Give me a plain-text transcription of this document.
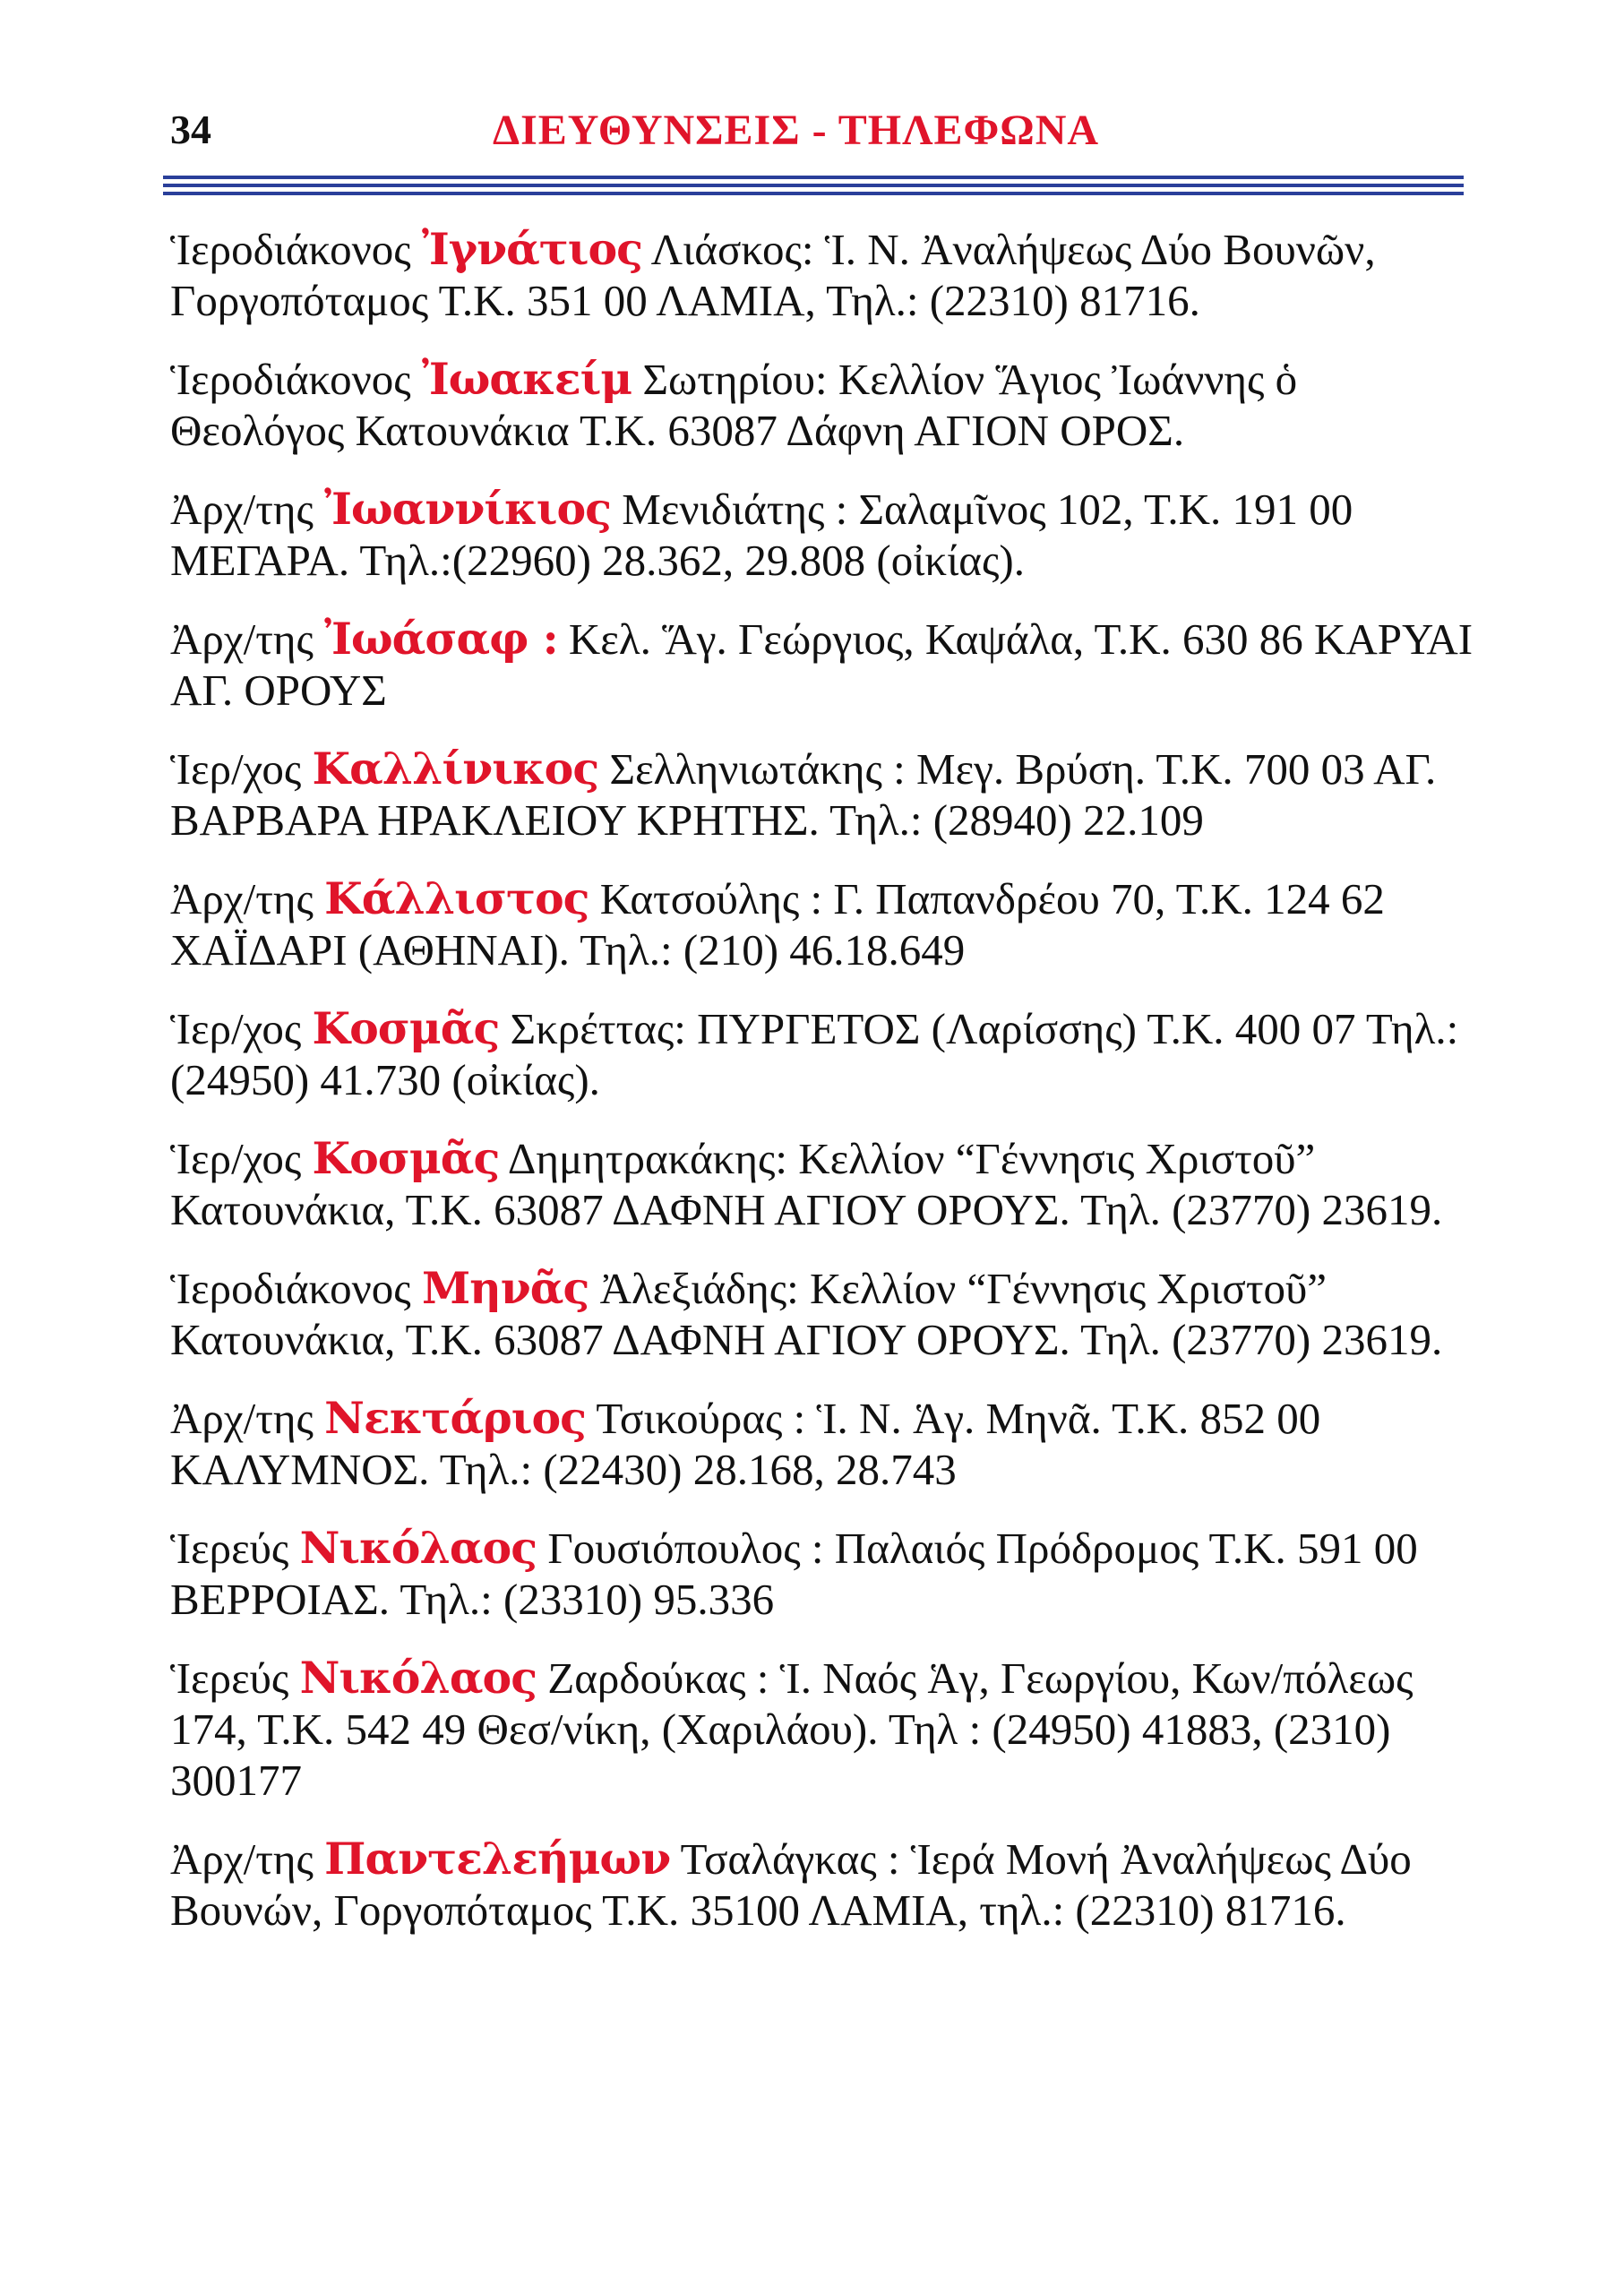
34	ΔΙΕΥΘΥΝΣΕΙΣ - ΤΗΛΕΦΩΝΑ

Ἱεροδιάκονος Ἰγνάτιος Λιάσκος: Ἱ. Ν. Ἀναλήψεως Δύο Βουνῶν, Γοργοπόταμος Τ.Κ. 351 00 ΛΑΜΙΑ, Τηλ.: (22310) 81716.

Ἱεροδιάκονος Ἰωακείμ Σωτηρίου: Κελλίον Ἅγιος Ἰωάννης ὁ Θεολόγος Κατουνάκια Τ.Κ. 63087 Δάφνη ΑΓΙΟΝ ΟΡΟΣ.

Ἀρχ/της Ἰωαννίκιος Μενιδιάτης : Σαλαμῖνος 102, Τ.Κ. 191 00 ΜΕΓΑΡΑ. Τηλ.:(22960) 28.362, 29.808 (οἰκίας).

Ἀρχ/της Ἰωάσαφ : Κελ. Ἅγ. Γεώργιος, Καψάλα, Τ.Κ. 630 86 ΚΑΡΥΑΙ ΑΓ. ΟΡΟΥΣ

Ἱερ/χος Καλλίνικος Σελληνιωτάκης : Μεγ. Βρύση. Τ.Κ. 700 03 ΑΓ. ΒΑΡΒΑΡΑ ΗΡΑΚΛΕΙΟΥ ΚΡΗΤΗΣ. Τηλ.: (28940) 22.109

Ἀρχ/της Κάλλιστος Κατσούλης : Γ. Παπανδρέου 70, Τ.Κ. 124 62 ΧΑΪΔΑΡΙ (ΑΘΗΝΑΙ). Τηλ.: (210) 46.18.649

Ἱερ/χος Κοσμᾶς Σκρέττας: ΠΥΡΓΕΤΟΣ (Λαρίσσης) Τ.Κ. 400 07 Τηλ.: (24950) 41.730 (οἰκίας).

Ἱερ/χος Κοσμᾶς Δημητρακάκης: Κελλίον “Γέννησις Χριστοῦ” Κατουνάκια, Τ.Κ. 63087 ΔΑΦΝΗ ΑΓΙΟΥ ΟΡΟΥΣ. Τηλ. (23770) 23619.

Ἱεροδιάκονος Μηνᾶς Ἀλεξιάδης: Κελλίον “Γέννησις Χριστοῦ” Κατουνάκια, Τ.Κ. 63087 ΔΑΦΝΗ ΑΓΙΟΥ ΟΡΟΥΣ. Τηλ. (23770) 23619.

Ἀρχ/της Νεκτάριος Τσικούρας : Ἱ. Ν. Ἁγ. Μηνᾶ. Τ.Κ. 852 00 ΚΑΛΥΜΝΟΣ. Τηλ.: (22430) 28.168, 28.743

Ἱερεύς Νικόλαος Γουσιόπουλος : Παλαιός Πρόδρομος Τ.Κ. 591 00 ΒΕΡΡΟΙΑΣ. Τηλ.: (23310) 95.336

Ἱερεύς Νικόλαος Ζαρδούκας : Ἱ. Ναός Ἁγ, Γεωργίου, Κων/πόλεως 174, Τ.Κ. 542 49 Θεσ/νίκη, (Χαριλάου). Τηλ : (24950) 41883, (2310) 300177

Ἀρχ/της Παντελεήμων Τσαλάγκας : Ἱερά Μονή Ἀναλήψεως Δύο Βουνών, Γοργοπόταμος Τ.Κ. 35100 ΛΑΜΙΑ, τηλ.: (22310) 81716.
